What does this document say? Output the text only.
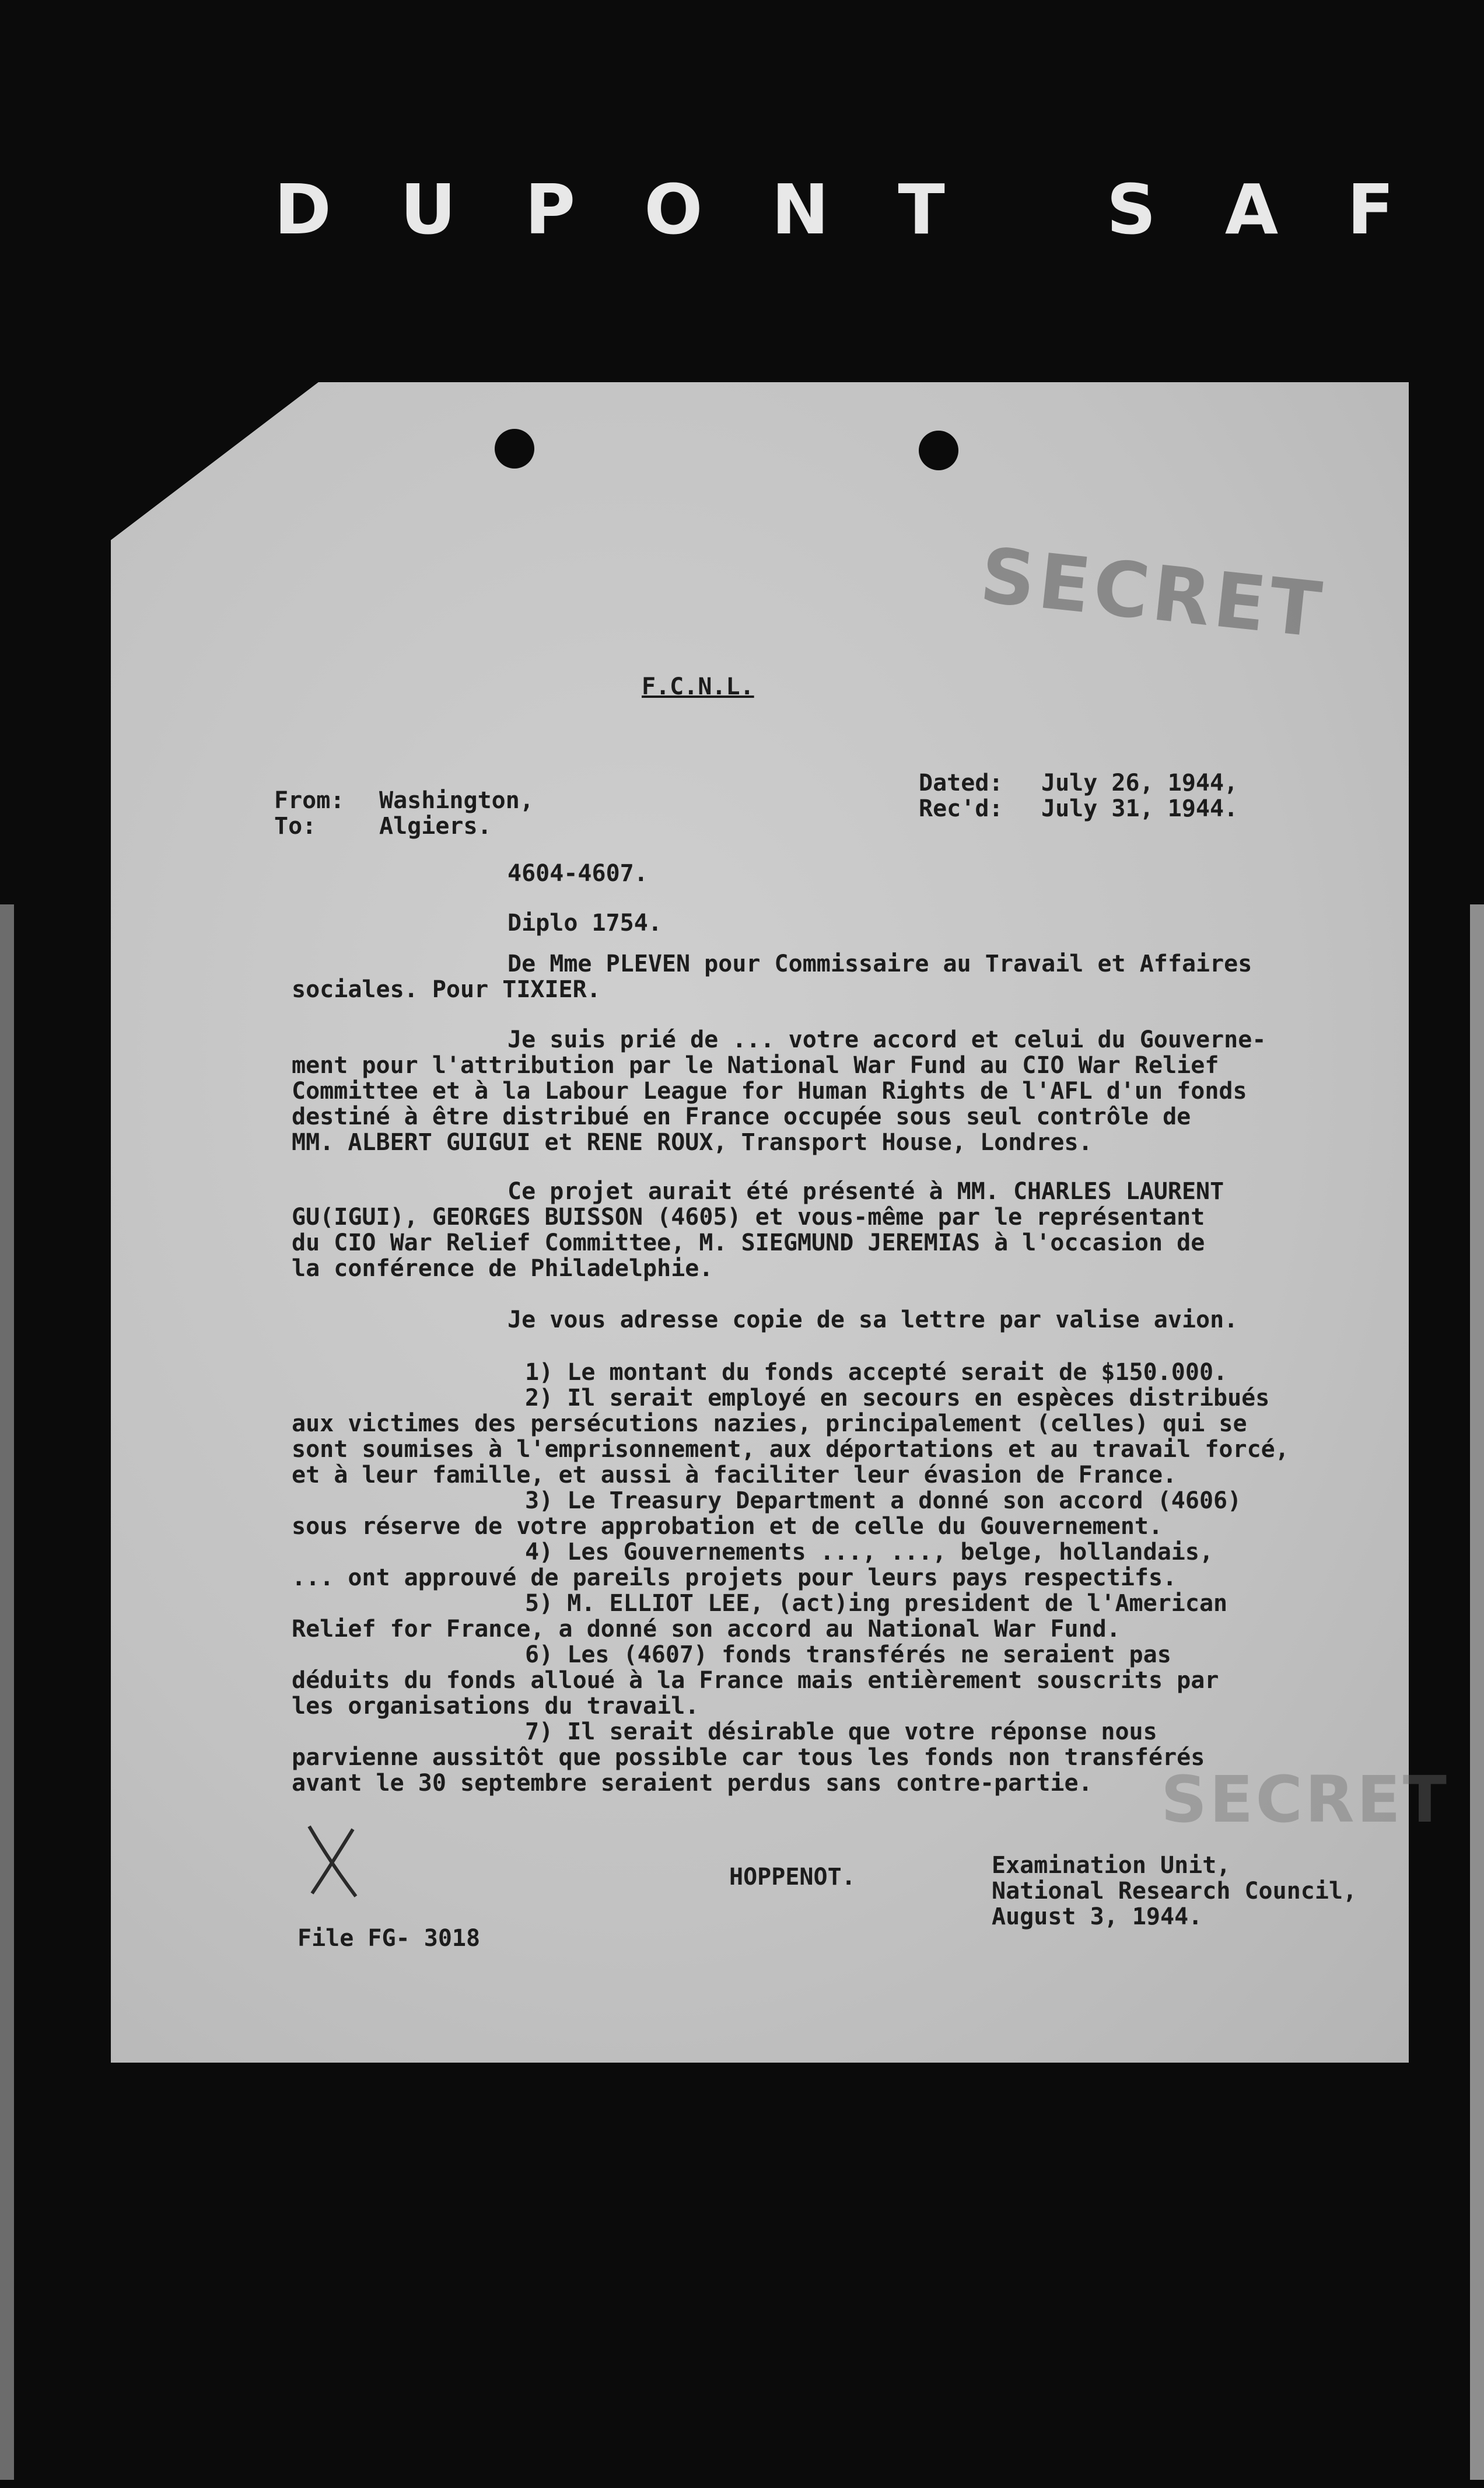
DUPONT SAF
SECRET
F.C.N.L.
From: Washington,
To:	Algiers.
Dated: July 26, 1944,
Rec'd: July 31, 1944.
4604-4607.
Diplo 1754.
De Mme PLEVEN pour Commissaire au Travail et Affaires
sociales. Pour TIXIER.
Je suis prié de ... votre accord et celui du Gouverne-
ment pour l'attribution par le National War Fund au CIO War Relief
Committee et à la Labour League for Human Rights de l'AFL d'un fonds
destiné à être distribué en France occupée sous seul contrôle de
MM. ALBERT GUIGUI et RENE ROUX, Transport House, Londres.
Ce projet aurait été présenté à MM. CHARLES LAURENT
GU(IGUI), GEORGES BUISSON (4605) et vous-même par le représentant
du CIO War Relief Committee, M. SIEGMUND JEREMIAS à l'occasion de
la conférence de Philadelphie.
Je vous adresse copie de sa lettre par valise avion.
1) Le montant du fonds accepté serait de $150.000.
2) Il serait employé en secours en espèces distribués
aux victimes des persécutions nazies, principalement (celles) qui se
sont soumises à l'emprisonnement, aux déportations et au travail forcé,
et à leur famille, et aussi à faciliter leur évasion de France.
3) Le Treasury Department a donné son accord (4606)
sous réserve de votre approbation et de celle du Gouvernement.
4) Les Gouvernements ..., ..., belge, hollandais,
... ont approuvé de pareils projets pour leurs pays respectifs.
5) M. ELLIOT LEE, (act)ing president de l'American
Relief for France, a donné son accord au National War Fund.
6) Les (4607) fonds transférés ne seraient pas
déduits du fonds alloué à la France mais entièrement souscrits par
les organisations du travail.
7) Il serait désirable que votre réponse nous
parvienne aussitôt que possible car tous les fonds non transférés
avant le 30 septembre seraient perdus sans contre-partie. SECRET
HOPPENOT.	Examination Unit,
National Research Council,
August 3, 1944.
File FG- 3018
